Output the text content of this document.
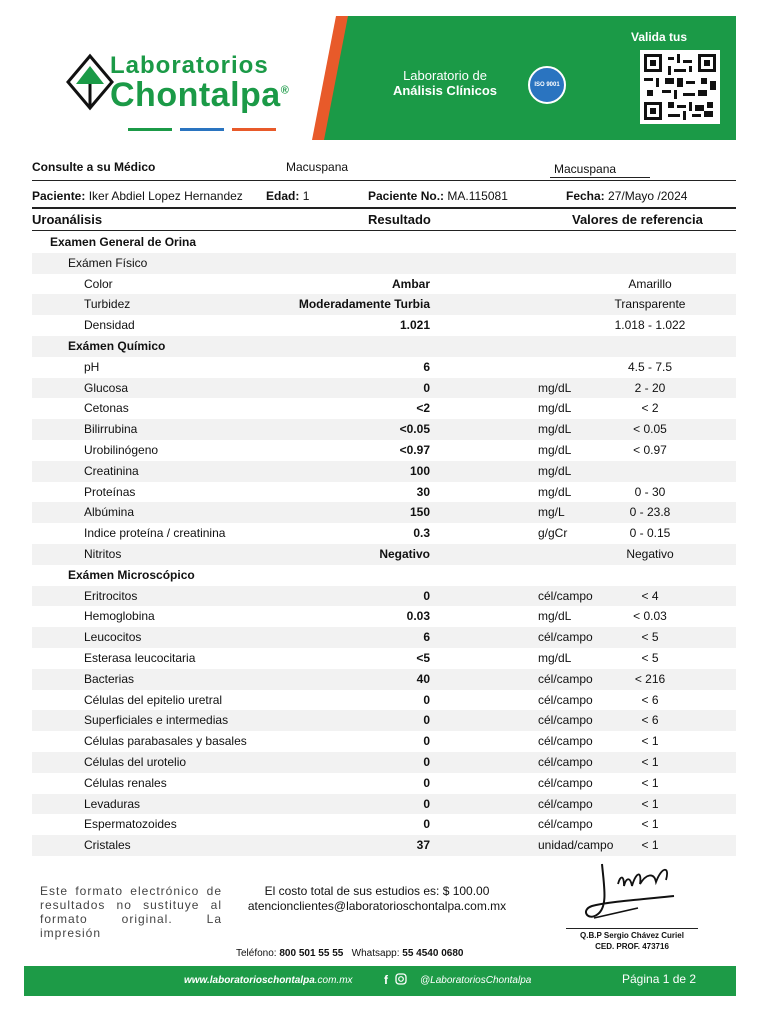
Laboratorios
Chontalpa®
Laboratorio de
Análisis Clínicos	ISO 9001
Valida tus
Consulte a su Médico	Macuspana	Macuspana
Paciente: Iker Abdiel Lopez Hernandez Edad: 1	Paciente No.: MA.115081	Fecha: 27/Mayo /2024
Uroanálisis	Resultado	Valores de referencia
Examen General de Orina
Exámen Físico
Color	Ambar	Amarillo
Turbidez	Moderadamente Turbia	Transparente
Densidad	1.021	1.018 - 1.022
Exámen Químico
pH	6	4.5 - 7.5
Glucosa	0	mg/dL	2 - 20
Cetonas	<2	mg/dL	< 2
Bilirrubina	<0.05	mg/dL	< 0.05
Urobilinógeno	<0.97	mg/dL	< 0.97
Creatinina	100	mg/dL
Proteínas	30	mg/dL	0 - 30
Albúmina	150	mg/L	0 - 23.8
Indice proteína / creatinina	0.3	g/gCr	0 - 0.15
Nitritos	Negativo	Negativo
Exámen Microscópico
Eritrocitos	0	cél/campo	< 4
Hemoglobina	0.03	mg/dL	< 0.03
Leucocitos	6	cél/campo	< 5
Esterasa leucocitaria	<5	mg/dL	< 5
Bacterias	40	cél/campo	< 216
Células del epitelio uretral	0	cél/campo	< 6
Superficiales e intermedias	0	cél/campo	< 6
Células parabasales y basales	0	cél/campo	< 1
Células del urotelio	0	cél/campo	< 1
Células renales	0	cél/campo	< 1
Levaduras	0	cél/campo	< 1
Espermatozoides	0	cél/campo	< 1
Cristales	37	unidad/campo	< 1
Este formato electrónico de resultados no sustituye al formato original. La impresión
El costo total de sus estudios es: $ 100.00
atencionclientes@laboratorioschontalpa.com.mx
Q.B.P Sergio Chávez Curiel
CED. PROF. 473716
Teléfono: 800 501 55 55 Whatsapp: 55 4540 0680
www.laboratorioschontalpa.com.mx	f	@LaboratoriosChontalpa	Página 1 de 2
